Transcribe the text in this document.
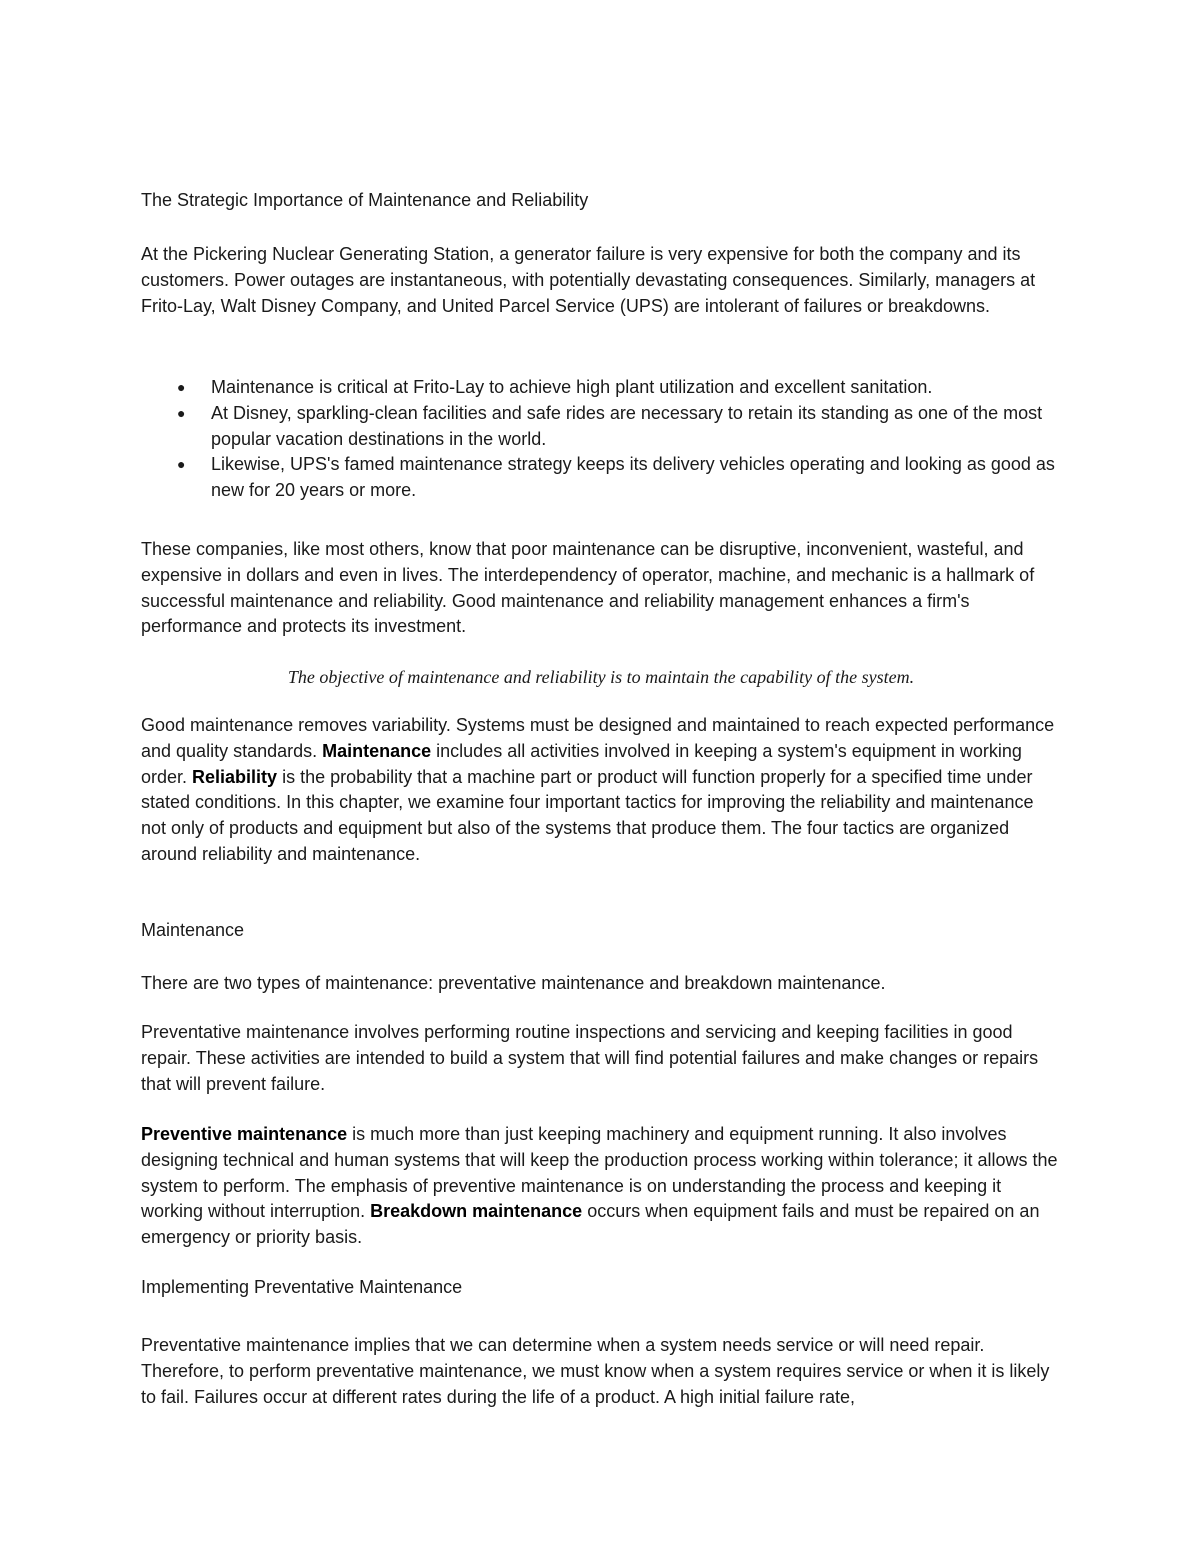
The Strategic Importance of Maintenance and Reliability

At the Pickering Nuclear Generating Station, a generator failure is very expensive for both the company and its customers. Power outages are instantaneous, with potentially devastating consequences. Similarly, managers at Frito-Lay, Walt Disney Company, and United Parcel Service (UPS) are intolerant of failures or breakdowns.

● Maintenance is critical at Frito-Lay to achieve high plant utilization and excellent sanitation.
● At Disney, sparkling-clean facilities and safe rides are necessary to retain its standing as one of the most popular vacation destinations in the world.
● Likewise, UPS's famed maintenance strategy keeps its delivery vehicles operating and looking as good as new for 20 years or more.

These companies, like most others, know that poor maintenance can be disruptive, inconvenient, wasteful, and expensive in dollars and even in lives. The interdependency of operator, machine, and mechanic is a hallmark of successful maintenance and reliability. Good maintenance and reliability management enhances a firm's performance and protects its investment.

The objective of maintenance and reliability is to maintain the capability of the system.

Good maintenance removes variability. Systems must be designed and maintained to reach expected performance and quality standards. Maintenance includes all activities involved in keeping a system's equipment in working order. Reliability is the probability that a machine part or product will function properly for a specified time under stated conditions. In this chapter, we examine four important tactics for improving the reliability and maintenance not only of products and equipment but also of the systems that produce them. The four tactics are organized around reliability and maintenance.

Maintenance

There are two types of maintenance: preventative maintenance and breakdown maintenance.

Preventative maintenance involves performing routine inspections and servicing and keeping facilities in good repair. These activities are intended to build a system that will find potential failures and make changes or repairs that will prevent failure.

Preventive maintenance is much more than just keeping machinery and equipment running. It also involves designing technical and human systems that will keep the production process working within tolerance; it allows the system to perform. The emphasis of preventive maintenance is on understanding the process and keeping it working without interruption. Breakdown maintenance occurs when equipment fails and must be repaired on an emergency or priority basis.

Implementing Preventative Maintenance

Preventative maintenance implies that we can determine when a system needs service or will need repair. Therefore, to perform preventative maintenance, we must know when a system requires service or when it is likely to fail. Failures occur at different rates during the life of a product. A high initial failure rate,
